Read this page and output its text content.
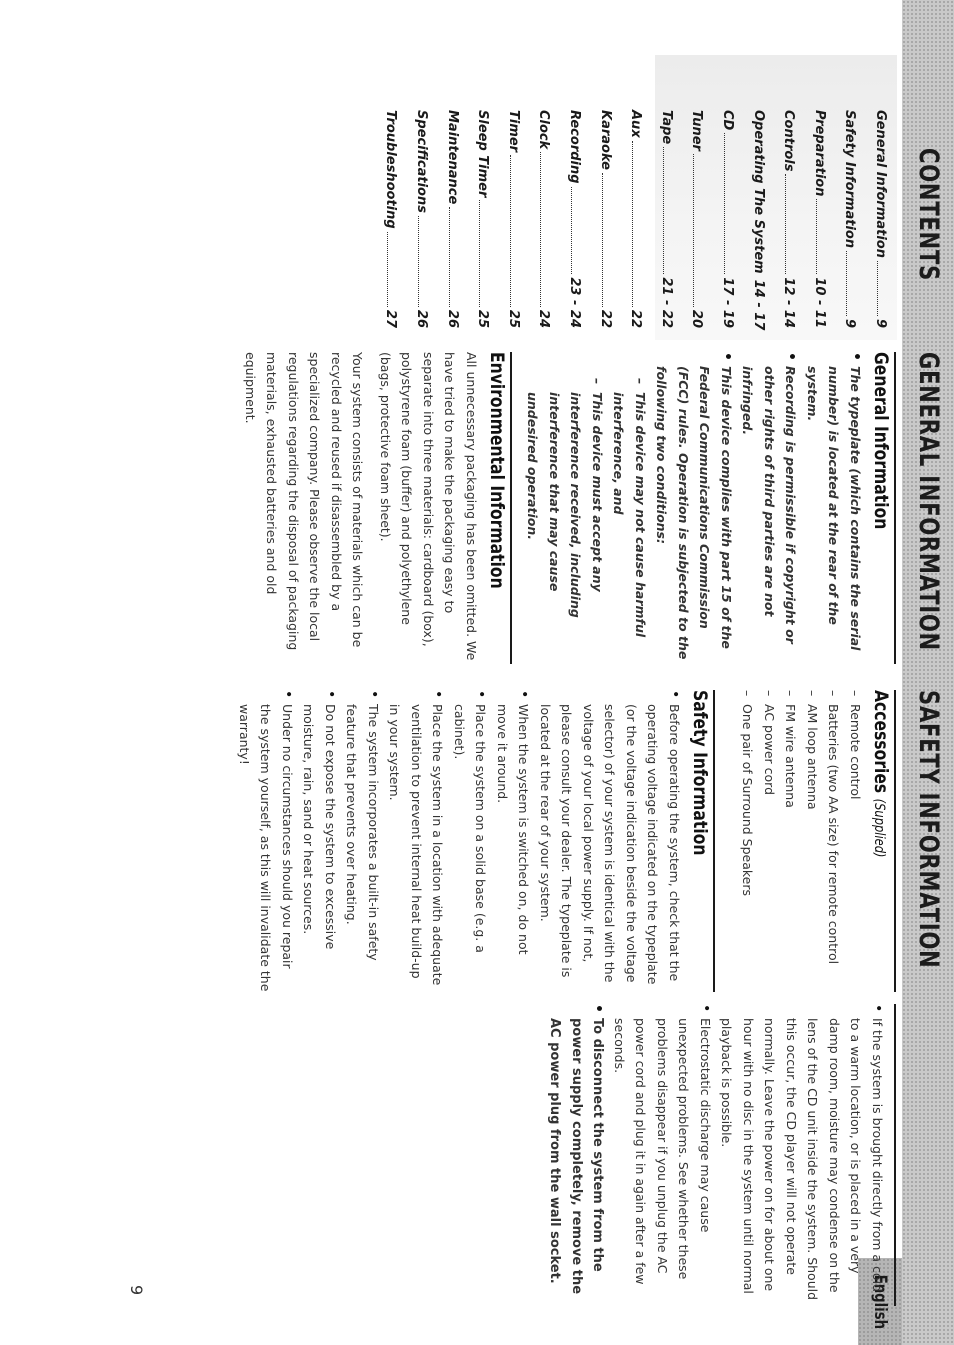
CONTENTS
GENERAL INFORMATION
SAFETY INFORMATION
English
General Information
9
Safety Information
9
Preparation
10 - 11
Controls
12 - 14
Operating The System
14 - 17
CD
17 - 19
Tuner
20
Tape
21 - 22
Aux
22
Karaoke
22
Recording
23 - 24
Clock
24
Timer
25
Sleep Timer
25
Maintenance
26
Specifications
26
Troubleshooting
27
General Information
• The typeplate (which contains the serial number) is located at the rear of the system.
• Recording is permissible if copyright or other rights of third parties are not infringed.
• This device complies with part 15 of the Federal Communications Commission (FCC) rules. Operation is subjected to the following two conditions:
– This device may not cause harmful interference, and
– This device must accept any interference received, including interference that may cause undesired operation.
Environmental Information
All unnecessary packaging has been omitted. We have tried to make the packaging easy to separate into three materials: cardboard (box), polystyrene foam (buffer) and polyethylene (bags, protective foam sheet).
Your system consists of materials which can be recycled and reused if disassembled by a specialized company. Please observe the local regulations regarding the disposal of packaging materials, exhausted batteries and old equipment.
Accessories (Supplied)
– Remote control
– Batteries (two AA size) for remote control
– AM loop antenna
– FM wire antenna
– AC power cord
– One pair of Surround Speakers
Safety Information
• Before operating the system, check that the operating voltage indicated on the typeplate (or the voltage indication beside the voltage selector) of your system is identical with the voltage of your local power supply. If not, please consult your dealer. The typeplate is located at the rear of your system.
• When the system is switched on, do not move it around.
• Place the system on a solid base (e.g. a cabinet).
• Place the system in a location with adequate ventilation to prevent internal heat build-up in your system.
• The system incorporates a built-in safety feature that prevents over heating.
• Do not expose the system to excessive moisture, rain, sand or heat sources.
• Under no circumstances should you repair the system yourself, as this will invalidate the warranty!
• If the system is brought directly from a cold to a warm location, or is placed in a very damp room, moisture may condense on the lens of the CD unit inside the system. Should this occur, the CD player will not operate normally. Leave the power on for about one hour with no disc in the system until normal playback is possible.
• Electrostatic discharge may cause unexpected problems. See whether these problems disappear if you unplug the AC power cord and plug it in again after a few seconds.
• To disconnect the system from the power supply completely, remove the AC power plug from the wall socket.
9
